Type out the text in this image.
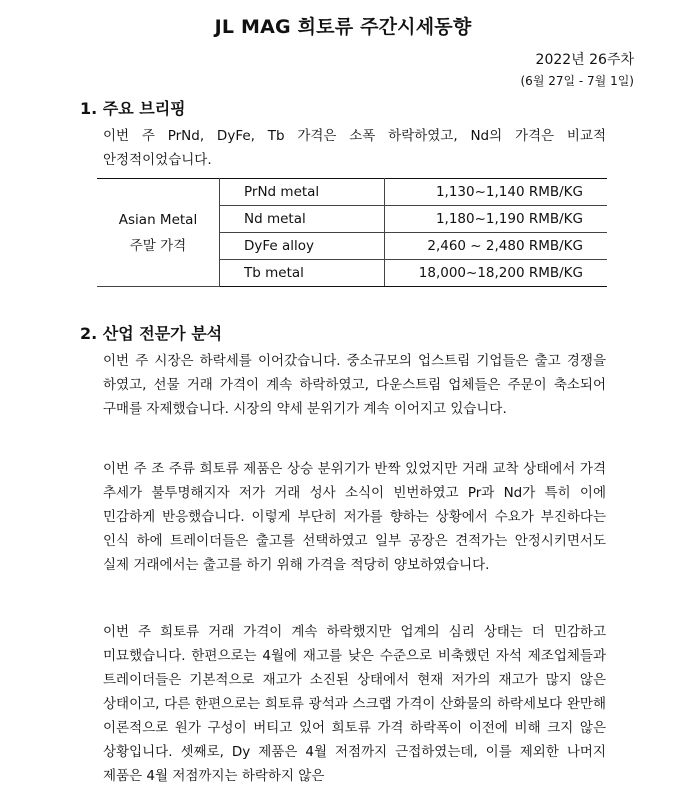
JL MAG 희토류 주간시세동향
2022년 26주차
(6월 27일 - 7월 1일)
1. 주요 브리핑

이번 주 PrNd, DyFe, Tb 가격은 소폭 하락하였고, Nd의 가격은 비교적 안정적이었습니다.

Asian Metal
주말 가격	PrNd metal	1,130~1,140 RMB/KG
	Nd metal	1,180~1,190 RMB/KG
	DyFe alloy	2,460 ~ 2,480 RMB/KG
	Tb metal	18,000~18,200 RMB/KG
2. 산업 전문가 분석

이번 주 시장은 하락세를 이어갔습니다. 중소규모의 업스트림 기업들은 출고 경쟁을 하였고, 선물 거래 가격이 계속 하락하였고, 다운스트림 업체들은 주문이 축소되어 구매를 자제했습니다. 시장의 약세 분위기가 계속 이어지고 있습니다.

이번 주 조 주류 희토류 제품은 상승 분위기가 반짝 있었지만 거래 교착 상태에서 가격 추세가 불투명해지자 저가 거래 성사 소식이 빈번하였고 Pr과 Nd가 특히 이에 민감하게 반응했습니다. 이렇게 부단히 저가를 향하는 상황에서 수요가 부진하다는 인식 하에 트레이더들은 출고를 선택하였고 일부 공장은 견적가는 안정시키면서도 실제 거래에서는 출고를 하기 위해 가격을 적당히 양보하였습니다.

이번 주 희토류 거래 가격이 계속 하락했지만 업계의 심리 상태는 더 민감하고 미묘했습니다. 한편으로는 4월에 재고를 낮은 수준으로 비축했던 자석 제조업체들과 트레이더들은 기본적으로 재고가 소진된 상태에서 현재 저가의 재고가 많지 않은 상태이고, 다른 한편으로는 희토류 광석과 스크랩 가격이 산화물의 하락세보다 완만해 이론적으로 원가 구성이 버티고 있어 희토류 가격 하락폭이 이전에 비해 크지 않은 상황입니다. 셋째로, Dy 제품은 4월 저점까지 근접하였는데, 이를 제외한 나머지 제품은 4월 저점까지는 하락하지 않은
